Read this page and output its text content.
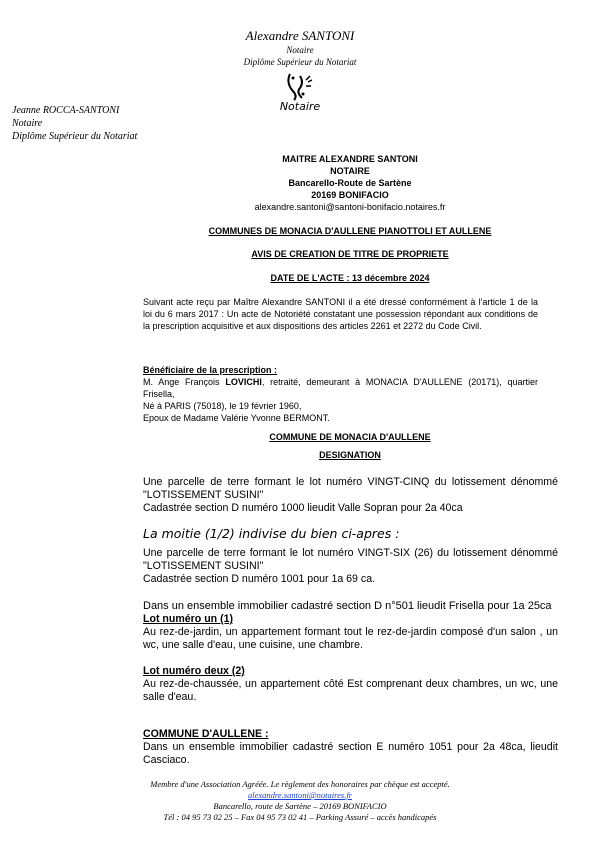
Alexandre SANTONI
Notaire
Diplôme Supérieur du Notariat
Notaire
Jeanne ROCCA-SANTONI
Notaire
Diplôme Supérieur du Notariat
MAITRE ALEXANDRE SANTONI
NOTAIRE
Bancarello-Route de Sartène
20169 BONIFACIO
alexandre.santoni@santoni-bonifacio.notaires.fr
COMMUNES DE MONACIA D'AULLENE PIANOTTOLI ET AULLENE
AVIS DE CREATION DE TITRE DE PROPRIETE
DATE DE L'ACTE : 13 décembre 2024
Suivant acte reçu par Maître Alexandre SANTONI il a été dressé conformément à l'article 1 de la loi du 6 mars 2017 : Un acte de Notoriété constatant une possession répondant aux conditions de la prescription acquisitive et aux dispositions des articles 2261 et 2272 du Code Civil.
Bénéficiaire de la prescription :
M. Ange François LOVICHI, retraité, demeurant à MONACIA D'AULLENE (20171), quartier Frisella,
Né à PARIS (75018), le 19 février 1960,
Epoux de Madame Valérie Yvonne BERMONT.
COMMUNE DE MONACIA D'AULLENE
DESIGNATION
Une parcelle de terre formant le lot numéro VINGT-CINQ du lotissement dénommé "LOTISSEMENT SUSINI"
Cadastrée section D numéro 1000 lieudit Valle Sopran pour 2a 40ca
La moitie (1/2) indivise du bien ci-apres :
Une parcelle de terre formant le lot numéro VINGT-SIX (26) du lotissement dénommé "LOTISSEMENT SUSINI"
Cadastrée section D numéro 1001 pour 1a 69 ca.
Dans un ensemble immobilier cadastré section D n°501 lieudit Frisella pour 1a 25ca
Lot numéro un (1)
Au rez-de-jardin, un appartement formant tout le rez-de-jardin composé d'un salon , un wc, une salle d'eau, une cuisine, une chambre.
Lot numéro deux (2)
Au rez-de-chaussée, un appartement côté Est comprenant deux chambres, un wc, une salle d'eau.
COMMUNE D'AULLENE :
Dans un ensemble immobilier cadastré section E numéro 1051 pour 2a 48ca, lieudit Casciaco.
Membre d'une Association Agréée. Le règlement des honoraires par chèque est accepté.
alexandre.santoni@notaires.fr
Bancarello, route de Sartène – 20169 BONIFACIO
Tél : 04 95 73 02 25 – Fax 04 95 73 02 41 – Parking Assuré – accès handicapés
